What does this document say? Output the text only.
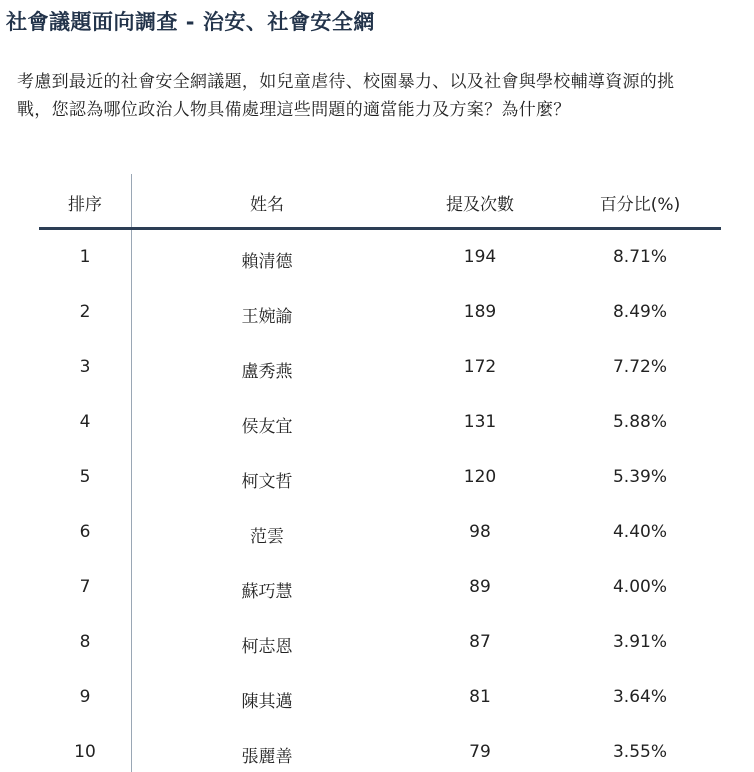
社會議題面向調查 - 治安、社會安全網
考慮到最近的社會安全網議題，如兒童虐待、校園暴力、以及社會與學校輔導資源的挑
戰，您認為哪位政治人物具備處理這些問題的適當能力及方案？為什麼？
排序	姓名	提及次數	百分比(%)
1	賴清德	194	8.71%
2	王婉諭	189	8.49%
3	盧秀燕	172	7.72%
4	侯友宜	131	5.88%
5	柯文哲	120	5.39%
6	范雲	98	4.40%
7	蘇巧慧	89	4.00%
8	柯志恩	87	3.91%
9	陳其邁	81	3.64%
10	張麗善	79	3.55%
